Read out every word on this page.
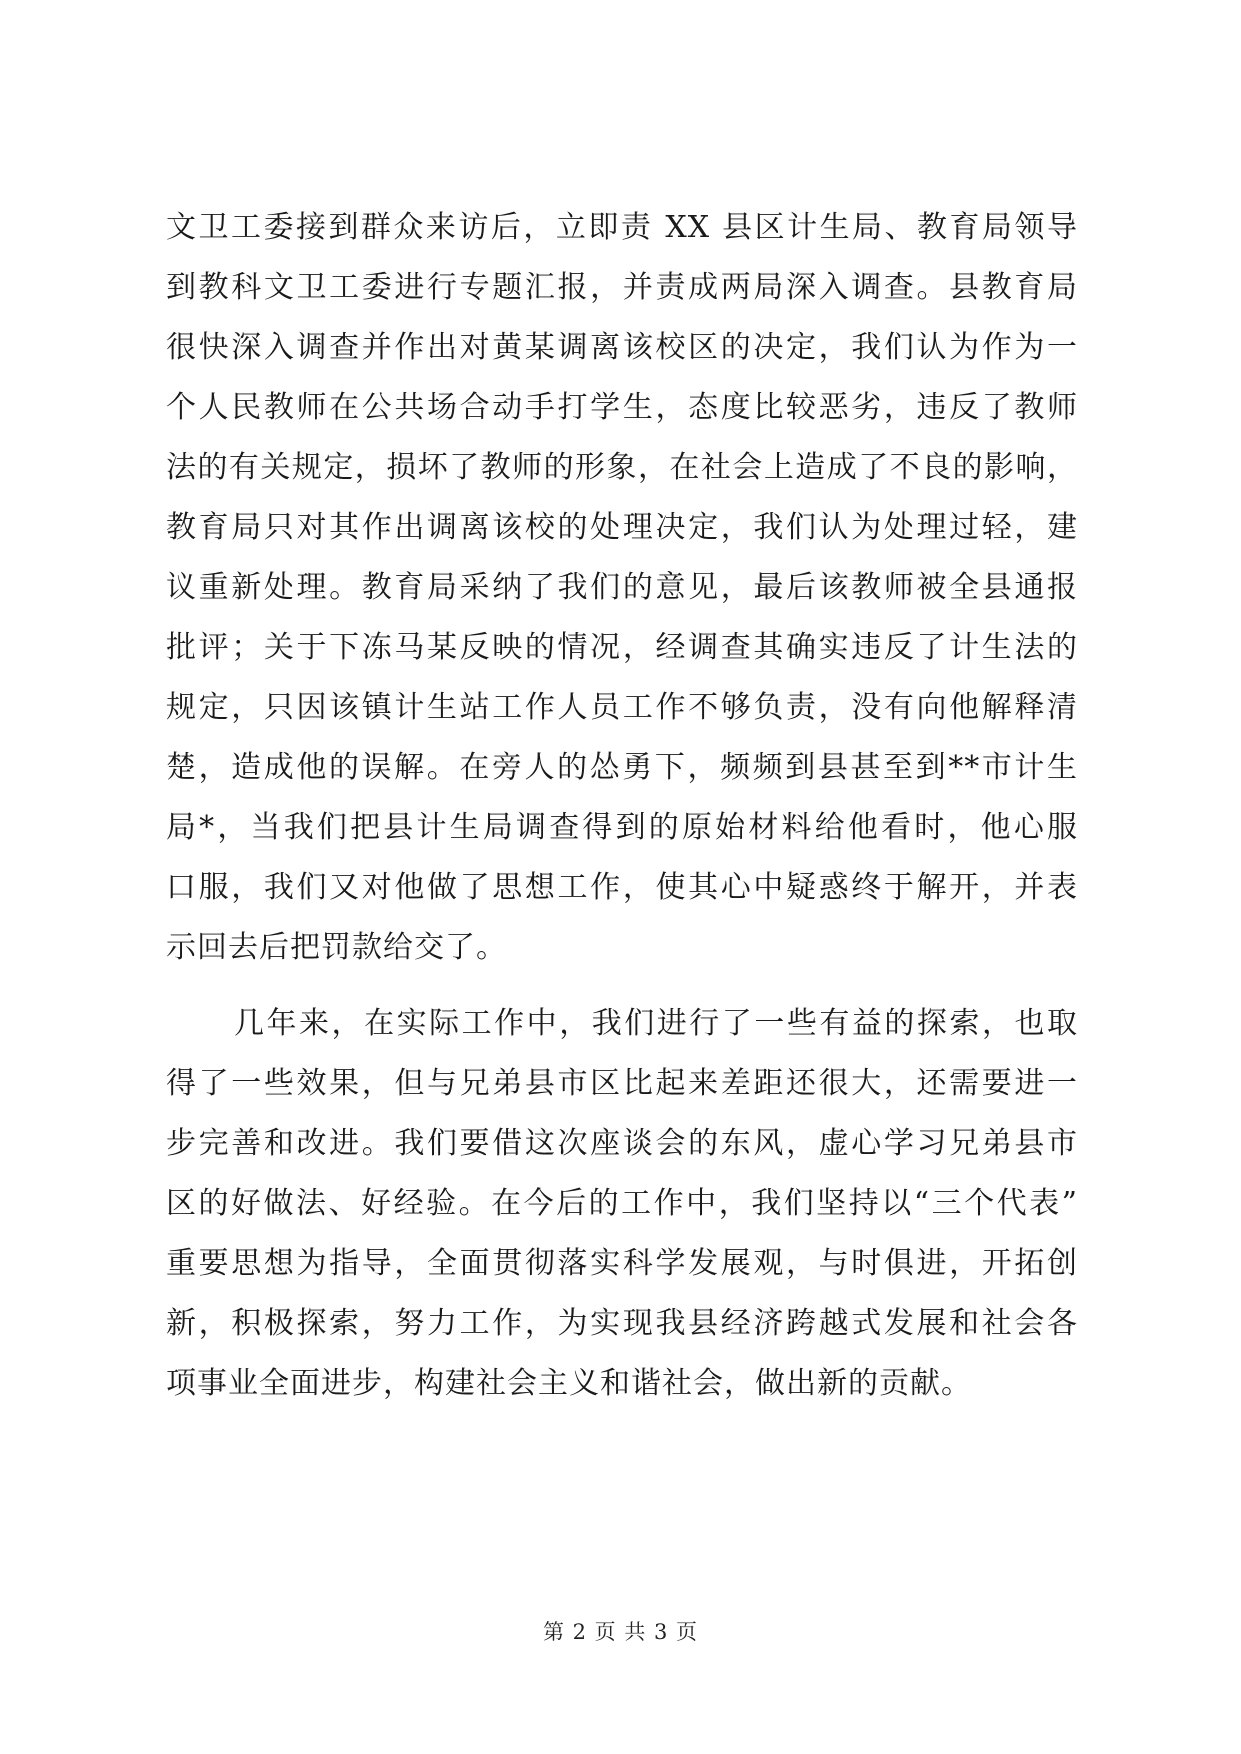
文卫工委接到群众来访后，立即责 XX 县区计生局、教育局领导
到教科文卫工委进行专题汇报，并责成两局深入调查。县教育局
很快深入调查并作出对黄某调离该校区的决定，我们认为作为一
个人民教师在公共场合动手打学生，态度比较恶劣，违反了教师
法的有关规定，损坏了教师的形象，在社会上造成了不良的影响，
教育局只对其作出调离该校的处理决定，我们认为处理过轻，建
议重新处理。教育局采纳了我们的意见，最后该教师被全县通报
批评；关于下冻马某反映的情况，经调查其确实违反了计生法的
规定，只因该镇计生站工作人员工作不够负责，没有向他解释清
楚，造成他的误解。在旁人的怂勇下，频频到县甚至到**市计生
局*，当我们把县计生局调查得到的原始材料给他看时，他心服
口服，我们又对他做了思想工作，使其心中疑惑终于解开，并表
示回去后把罚款给交了。
几年来，在实际工作中，我们进行了一些有益的探索，也取
得了一些效果，但与兄弟县市区比起来差距还很大，还需要进一
步完善和改进。我们要借这次座谈会的东风，虚心学习兄弟县市
区的好做法、好经验。在今后的工作中，我们坚持以“三个代表”
重要思想为指导，全面贯彻落实科学发展观，与时俱进，开拓创
新，积极探索，努力工作，为实现我县经济跨越式发展和社会各
项事业全面进步，构建社会主义和谐社会，做出新的贡献。
第 2 页 共 3 页
